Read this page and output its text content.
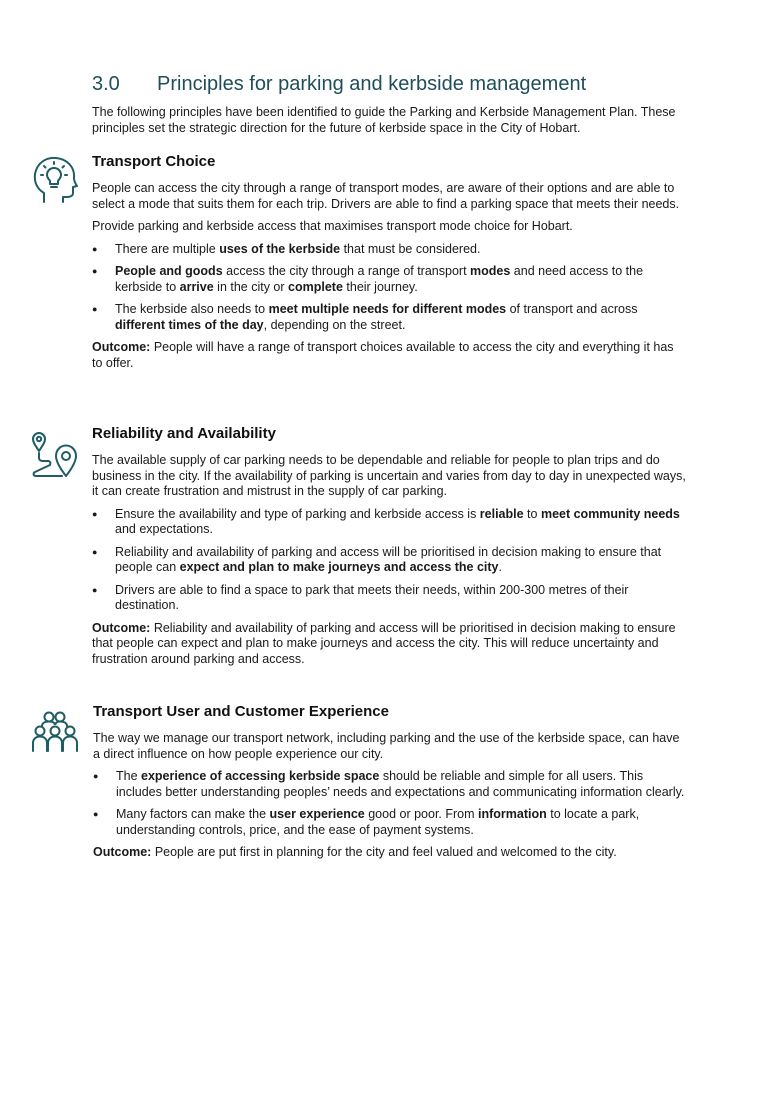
3.0 Principles for parking and kerbside management

The following principles have been identified to guide the Parking and Kerbside Management Plan. These principles set the strategic direction for the future of kerbside space in the City of Hobart.

Transport Choice

People can access the city through a range of transport modes, are aware of their options and are able to select a mode that suits them for each trip. Drivers are able to find a parking space that meets their needs.

Provide parking and kerbside access that maximises transport mode choice for Hobart.

● There are multiple uses of the kerbside that must be considered.
● People and goods access the city through a range of transport modes and need access to the kerbside to arrive in the city or complete their journey.
● The kerbside also needs to meet multiple needs for different modes of transport and across different times of the day, depending on the street.

Outcome: People will have a range of transport choices available to access the city and everything it has to offer.

Reliability and Availability

The available supply of car parking needs to be dependable and reliable for people to plan trips and do business in the city. If the availability of parking is uncertain and varies from day to day in unexpected ways, it can create frustration and mistrust in the supply of car parking.

● Ensure the availability and type of parking and kerbside access is reliable to meet community needs and expectations.
● Reliability and availability of parking and access will be prioritised in decision making to ensure that people can expect and plan to make journeys and access the city.
● Drivers are able to find a space to park that meets their needs, within 200-300 metres of their destination.

Outcome: Reliability and availability of parking and access will be prioritised in decision making to ensure that people can expect and plan to make journeys and access the city. This will reduce uncertainty and frustration around parking and access.

Transport User and Customer Experience

The way we manage our transport network, including parking and the use of the kerbside space, can have a direct influence on how people experience our city.

● The experience of accessing kerbside space should be reliable and simple for all users. This includes better understanding peoples’ needs and expectations and communicating information clearly.
● Many factors can make the user experience good or poor. From information to locate a park, understanding controls, price, and the ease of payment systems.

Outcome: People are put first in planning for the city and feel valued and welcomed to the city.
